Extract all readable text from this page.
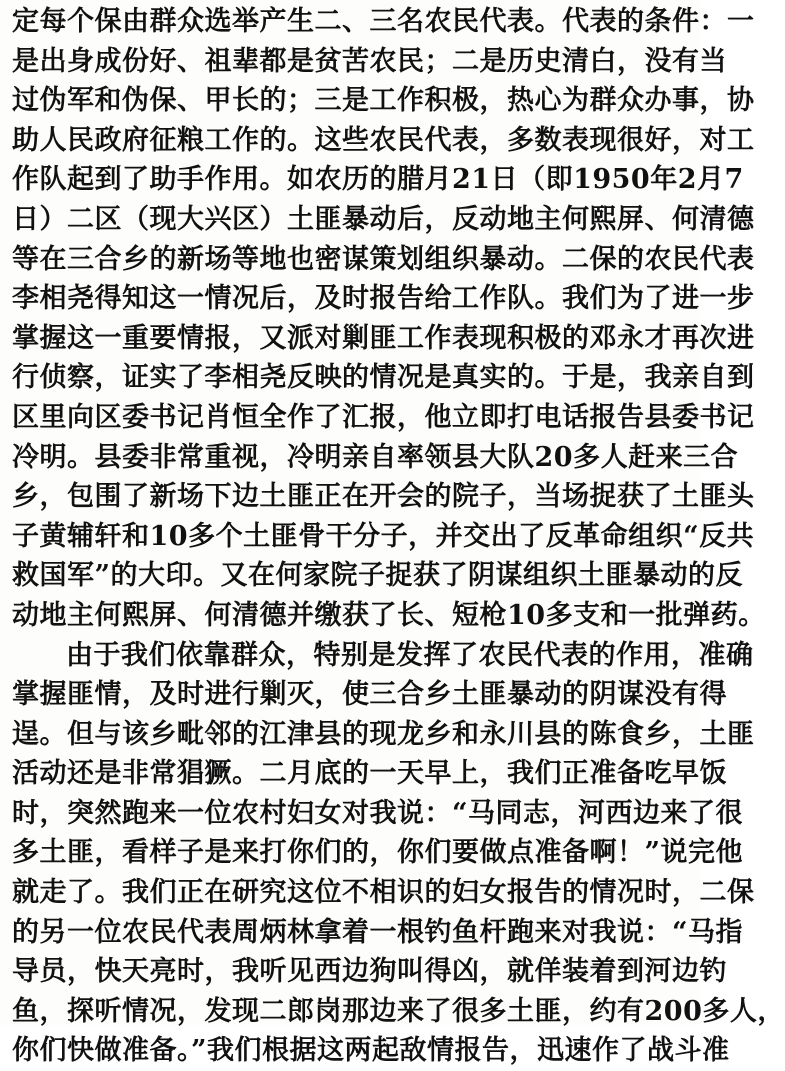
定每个保由群众选举产生二、三名农民代表。代表的条件：一
是出身成份好、祖辈都是贫苦农民；二是历史清白，没有当
过伪军和伪保、甲长的；三是工作积极，热心为群众办事，协
助人民政府征粮工作的。这些农民代表，多数表现很好，对工
作队起到了助手作用。如农历的腊月21日（即1950年2月7
日）二区（现大兴区）土匪暴动后，反动地主何熙屏、何清德
等在三合乡的新场等地也密谋策划组织暴动。二保的农民代表
李相尧得知这一情况后，及时报告给工作队。我们为了进一步
掌握这一重要情报，又派对剿匪工作表现积极的邓永才再次进
行侦察，证实了李相尧反映的情况是真实的。于是，我亲自到
区里向区委书记肖恒全作了汇报，他立即打电话报告县委书记
冷明。县委非常重视，冷明亲自率领县大队20多人赶来三合
乡，包围了新场下边土匪正在开会的院子，当场捉获了土匪头
子黄辅轩和10多个土匪骨干分子，并交出了反革命组织“反共
救国军”的大印。又在何家院子捉获了阴谋组织土匪暴动的反
动地主何熙屏、何清德并缴获了长、短枪10多支和一批弹药。
由于我们依靠群众，特别是发挥了农民代表的作用，准确
掌握匪情，及时进行剿灭，使三合乡土匪暴动的阴谋没有得
逞。但与该乡毗邻的江津县的现龙乡和永川县的陈食乡，土匪
活动还是非常猖獗。二月底的一天早上，我们正准备吃早饭
时，突然跑来一位农村妇女对我说：“马同志，河西边来了很
多土匪，看样子是来打你们的，你们要做点准备啊！”说完他
就走了。我们正在研究这位不相识的妇女报告的情况时，二保
的另一位农民代表周炳林拿着一根钓鱼杆跑来对我说：“马指
导员，快天亮时，我听见西边狗叫得凶，就佯装着到河边钓
鱼，探听情况，发现二郎岗那边来了很多土匪，约有200多人，
你们快做准备。”我们根据这两起敌情报告，迅速作了战斗准
